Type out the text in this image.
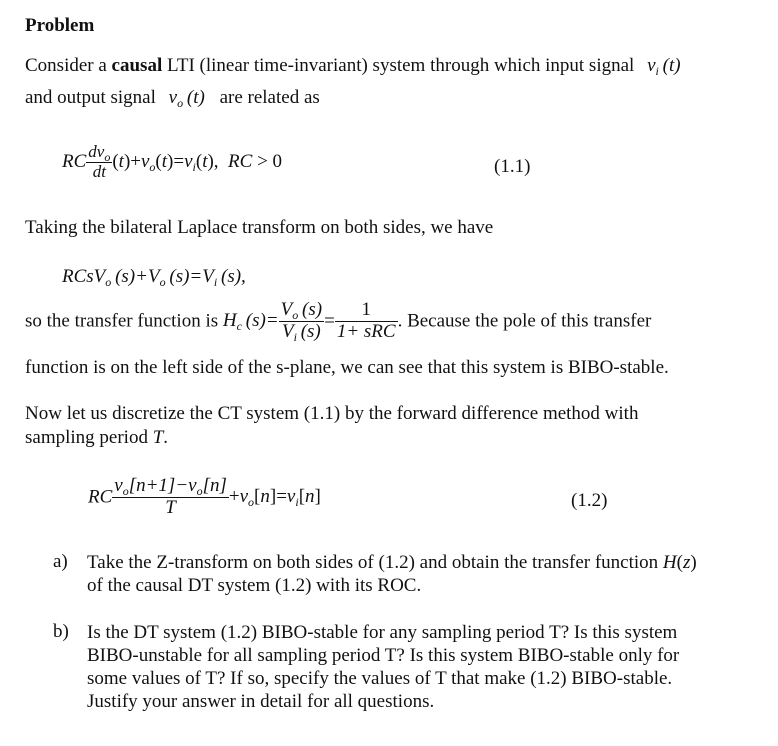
Problem
Consider a causal LTI (linear time-invariant) system through which input signal $v_i$ (t)
and output signal $v_o$ (t) are related as
RC $\frac{dv_o}{dt} (t)+v_o(t)=v_i(t)$,  RC > 0	(1.1)
Taking the bilateral Laplace transform on both sides, we have
RCsV$_o$ $(s)+V_o$ $(s)=V_i$ (s),
so the transfer function is $H_c$ $(s)= \frac{V_o (s)}{V_i (s)} = \frac{1}{\text{1+ sRC}}$ . Because the pole of this transfer
function is on the left side of the s-plane, we can see that this system is BIBO-stable.
Now let us discretize the CT system (1.1) by the forward difference method with
sampling period T.
RC $\frac{v_o[n+1]-v_o[n]}{T} +v_o[n]=v_i[n]$	(1.2)
a) Take the Z-transform on both sides of (1.2) and obtain the transfer function H(z)
of the causal DT system (1.2) with its ROC.
b) Is the DT system (1.2) BIBO-stable for any sampling period T? Is this system
BIBO-unstable for all sampling period T? Is this system BIBO-stable only for
some values of T? If so, specify the values of T that make (1.2) BIBO-stable.
Justify your answer in detail for all questions.
